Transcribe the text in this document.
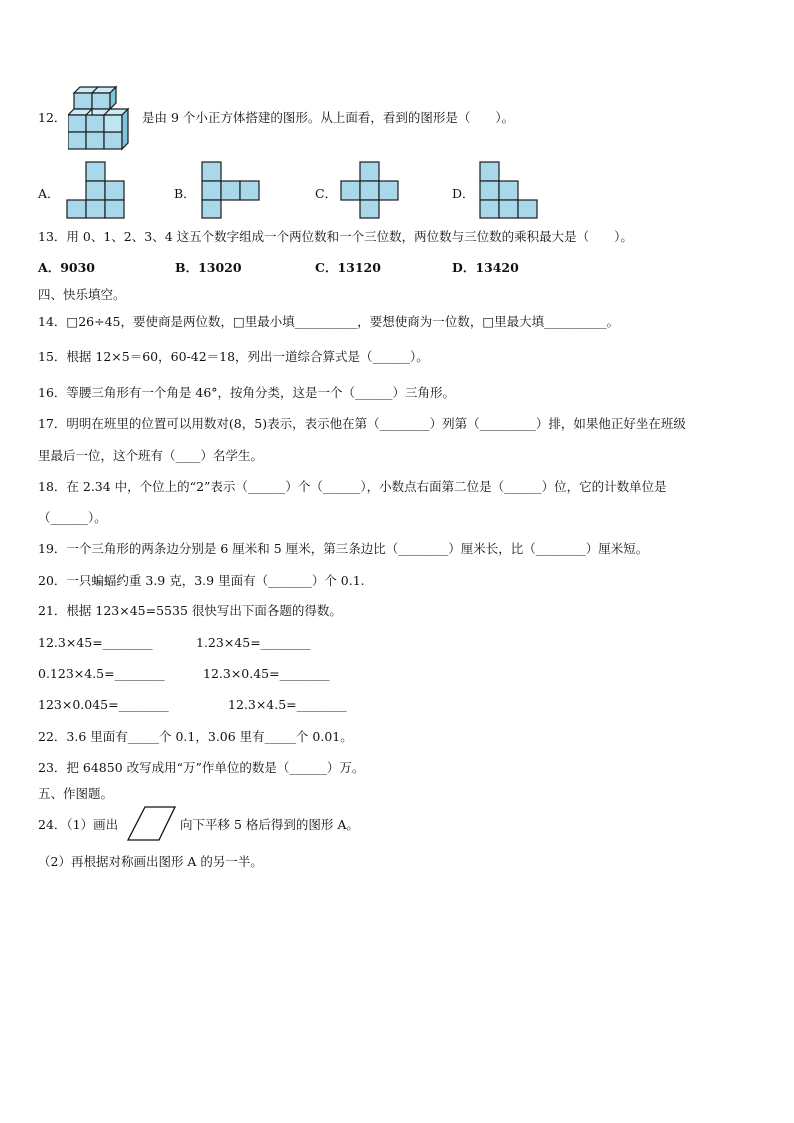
12．	是由 9 个小正方体搭建的图形。从上面看，看到的图形是（　　）。
A．	B．	C．	D．
13．用 0、1、2、3、4 这五个数字组成一个两位数和一个三位数，两位数与三位数的乘积最大是（　　）。
A．9030	B．13020	C．13120	D．13420
四、快乐填空。
14．□26÷45，要使商是两位数，□里最小填__________，要想使商为一位数，□里最大填__________。
15．根据 12×5＝60，60-42＝18，列出一道综合算式是（______）。
16．等腰三角形有一个角是 46°，按角分类，这是一个（______）三角形。
17．明明在班里的位置可以用数对(8，5)表示，表示他在第（________）列第（_________）排，如果他正好坐在班级
里最后一位，这个班有（____）名学生。
18．在 2.34 中，个位上的“2”表示（______）个（______），小数点右面第二位是（______）位，它的计数单位是
（______）。
19．一个三角形的两条边分别是 6 厘米和 5 厘米，第三条边比（________）厘米长，比（________）厘米短。
20．一只蝙蝠约重 3.9 克，3.9 里面有（_______）个 0.1.
21．根据 123×45=5535 很快写出下面各题的得数。
12.3×45=________	1.23×45=________
0.123×4.5=________	12.3×0.45=________
123×0.045=________	12.3×4.5=________
22．3.6 里面有_____个 0.1，3.06 里有_____个 0.01。
23．把 64850 改写成用“万”作单位的数是（______）万。
五、作图题。
24．（1）画出	向下平移 5 格后得到的图形 A。
（2）再根据对称画出图形 A 的另一半。
